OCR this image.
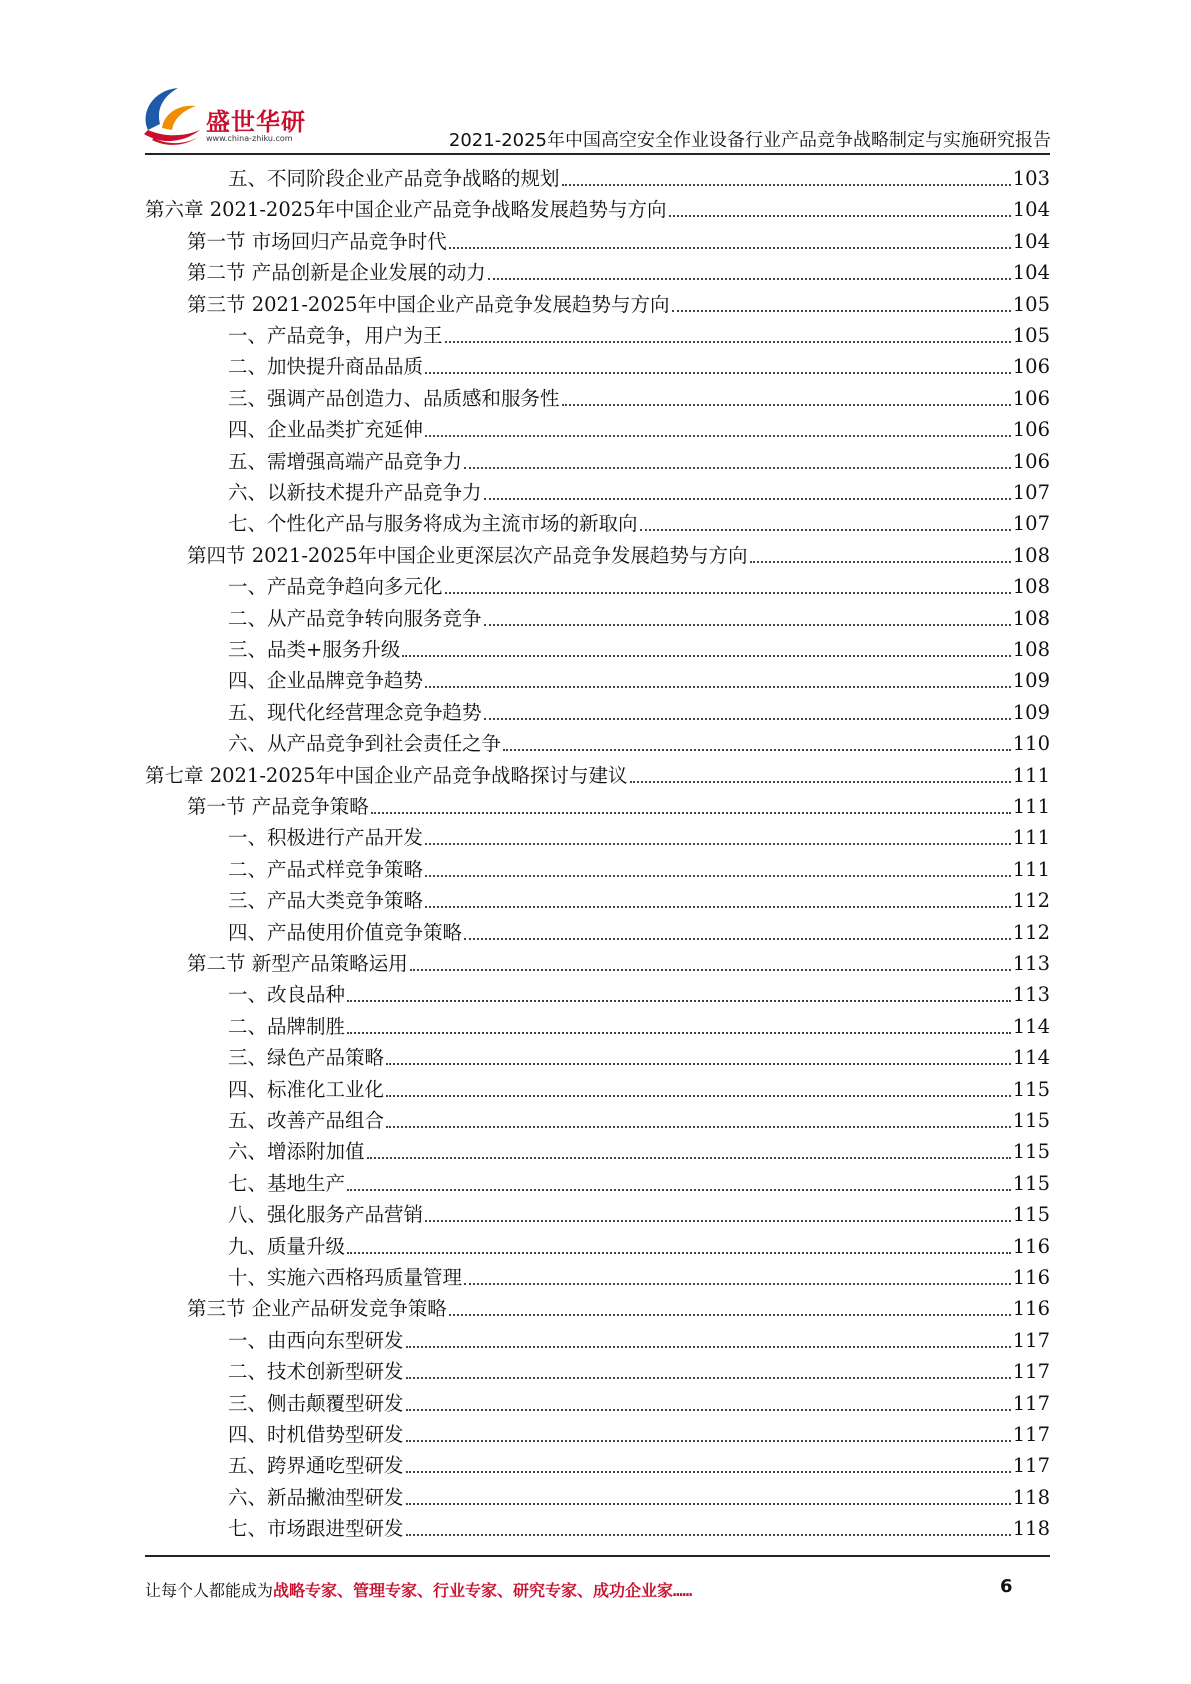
盛世华研
www.china-zhiku.com	2021-2025年中国高空安全作业设备行业产品竞争战略制定与实施研究报告
五、不同阶段企业产品竞争战略的规划	103
第六章 2021-2025年中国企业产品竞争战略发展趋势与方向	104
第一节 市场回归产品竞争时代	104
第二节 产品创新是企业发展的动力	104
第三节 2021-2025年中国企业产品竞争发展趋势与方向	105
一、产品竞争，用户为王	105
二、加快提升商品品质	106
三、强调产品创造力、品质感和服务性	106
四、企业品类扩充延伸	106
五、需增强高端产品竞争力	106
六、以新技术提升产品竞争力	107
七、个性化产品与服务将成为主流市场的新取向	107
第四节 2021-2025年中国企业更深层次产品竞争发展趋势与方向	108
一、产品竞争趋向多元化	108
二、从产品竞争转向服务竞争	108
三、品类+服务升级	108
四、企业品牌竞争趋势	109
五、现代化经营理念竞争趋势	109
六、从产品竞争到社会责任之争	110
第七章 2021-2025年中国企业产品竞争战略探讨与建议	111
第一节 产品竞争策略	111
一、积极进行产品开发	111
二、产品式样竞争策略	111
三、产品大类竞争策略	112
四、产品使用价值竞争策略	112
第二节 新型产品策略运用	113
一、改良品种	113
二、品牌制胜	114
三、绿色产品策略	114
四、标准化工业化	115
五、改善产品组合	115
六、增添附加值	115
七、基地生产	115
八、强化服务产品营销	115
九、质量升级	116
十、实施六西格玛质量管理	116
第三节 企业产品研发竞争策略	116
一、由西向东型研发	117
二、技术创新型研发	117
三、侧击颠覆型研发	117
四、时机借势型研发	117
五、跨界通吃型研发	117
六、新品撇油型研发	118
七、市场跟进型研发	118
让每个人都能成为战略专家、管理专家、行业专家、研究专家、成功企业家……	6
